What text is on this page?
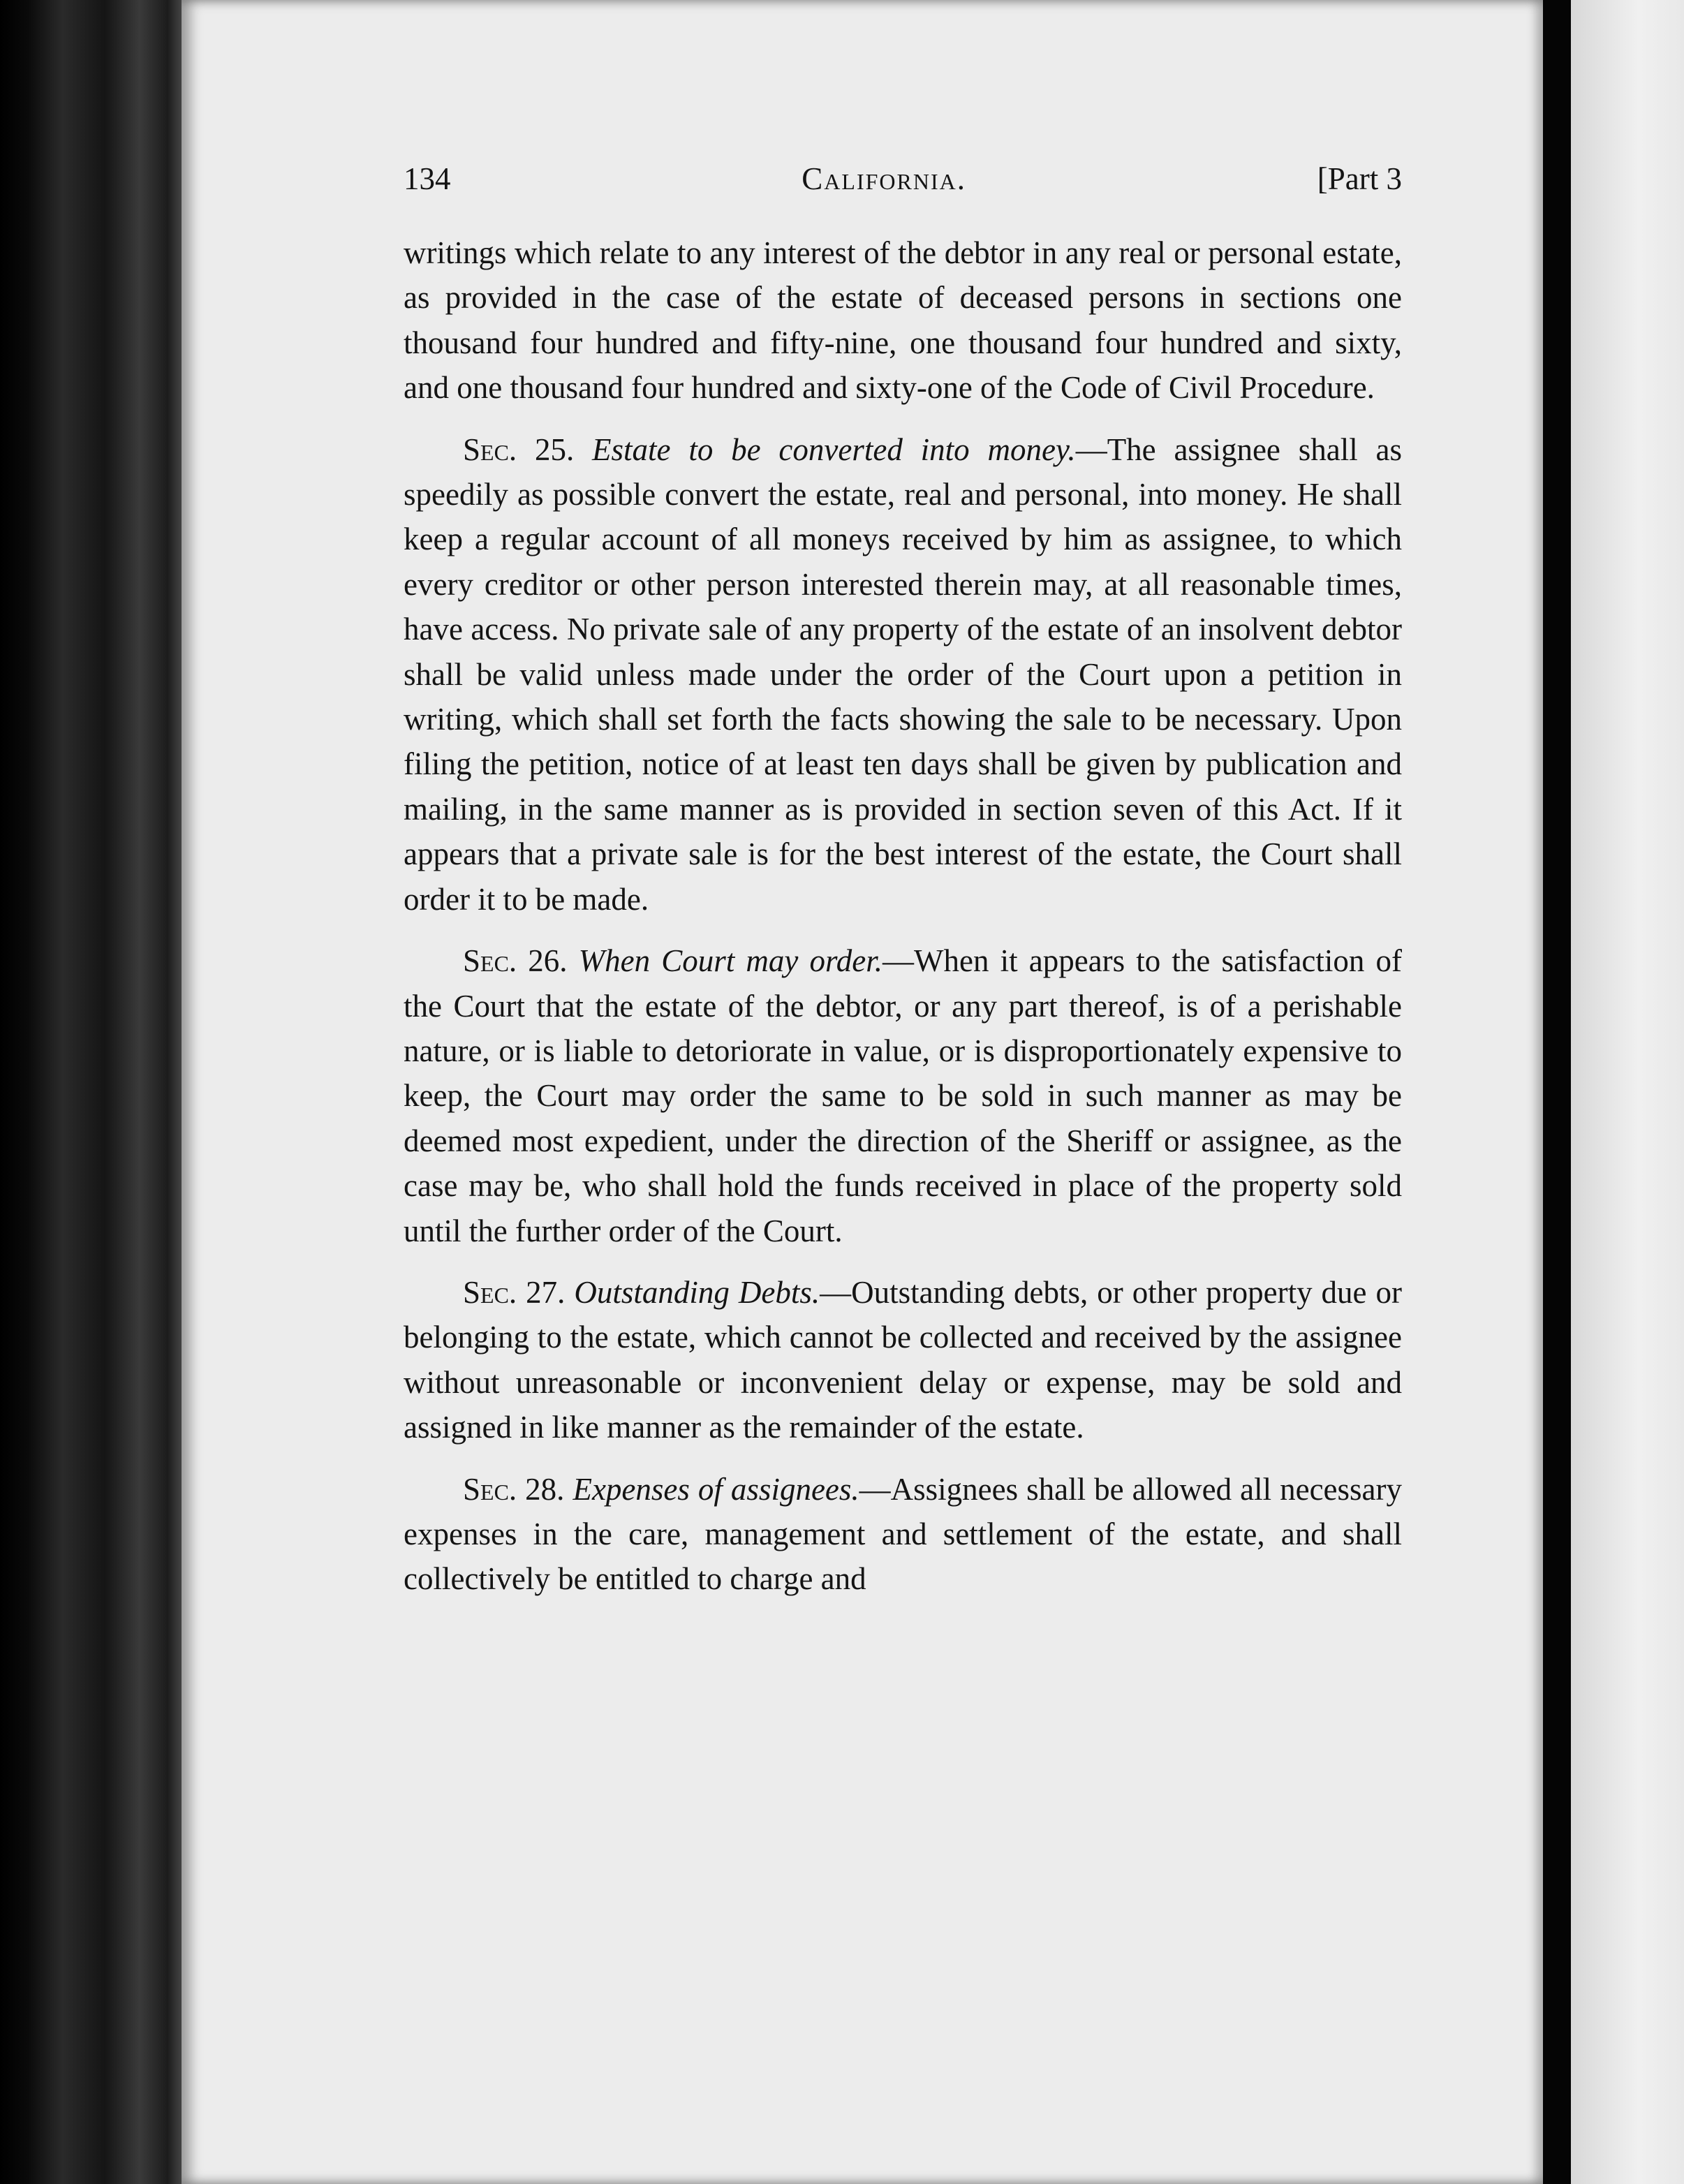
134	California.	[Part 3

writings which relate to any interest of the debtor in any real or personal estate, as provided in the case of the estate of deceased persons in sections one thousand four hundred and fifty-nine, one thousand four hundred and sixty, and one thousand four hundred and sixty-one of the Code of Civil Procedure.

Sec. 25. Estate to be converted into money.—The assignee shall as speedily as possible convert the estate, real and personal, into money. He shall keep a regular account of all moneys received by him as assignee, to which every creditor or other person interested therein may, at all reasonable times, have access. No private sale of any property of the estate of an insolvent debtor shall be valid unless made under the order of the Court upon a petition in writing, which shall set forth the facts showing the sale to be necessary. Upon filing the petition, notice of at least ten days shall be given by publication and mailing, in the same manner as is provided in section seven of this Act. If it appears that a private sale is for the best interest of the estate, the Court shall order it to be made.

Sec. 26. When Court may order.—When it appears to the satisfaction of the Court that the estate of the debtor, or any part thereof, is of a perishable nature, or is liable to detoriorate in value, or is disproportionately expensive to keep, the Court may order the same to be sold in such manner as may be deemed most expedient, under the direction of the Sheriff or assignee, as the case may be, who shall hold the funds received in place of the property sold until the further order of the Court.

Sec. 27. Outstanding Debts.—Outstanding debts, or other property due or belonging to the estate, which cannot be collected and received by the assignee without unreasonable or inconvenient delay or expense, may be sold and assigned in like manner as the remainder of the estate.

Sec. 28. Expenses of assignees.—Assignees shall be allowed all necessary expenses in the care, management and settlement of the estate, and shall collectively be entitled to charge and
